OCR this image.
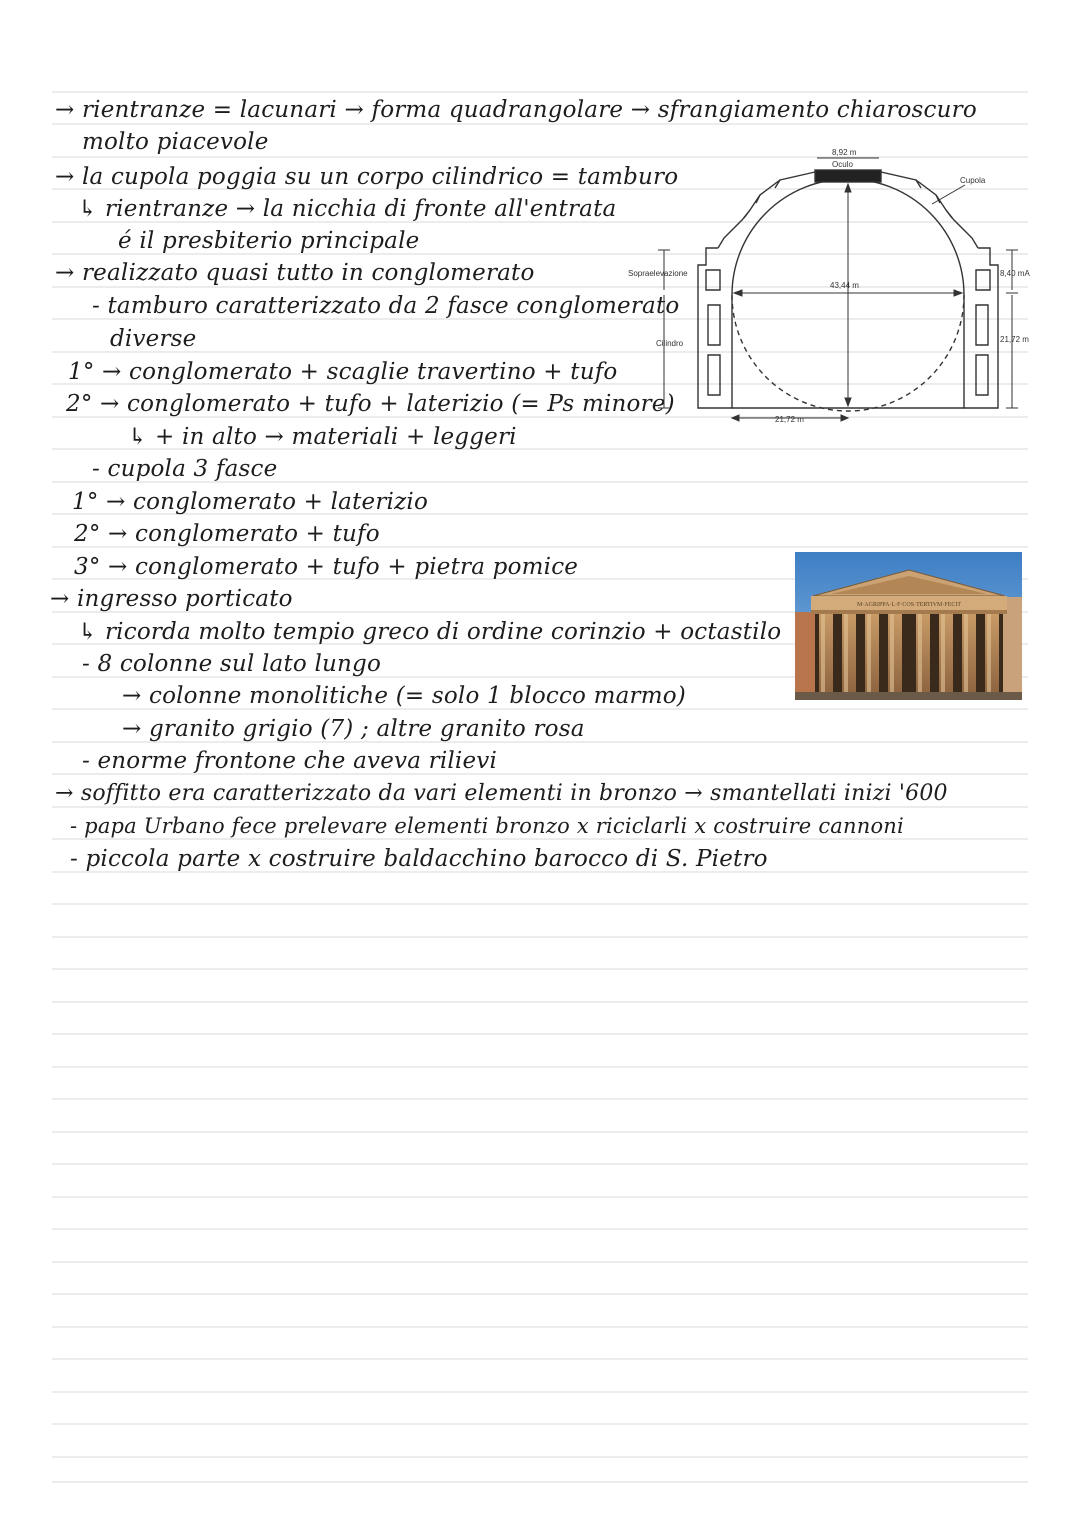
→ rientranze = lacunari → forma quadrangolare → sfrangiamento chiaroscuro
molto piacevole
→ la cupola poggia su un corpo cilindrico = tamburo
↳ rientranze → la nicchia di fronte all'entrata
é il presbiterio principale
→ realizzato quasi tutto in conglomerato
- tamburo caratterizzato da 2 fasce conglomerato
diverse
1° → conglomerato + scaglie travertino + tufo
2° → conglomerato + tufo + laterizio (= Ps minore)
↳ + in alto → materiali + leggeri
- cupola 3 fasce
1° → conglomerato + laterizio
2° → conglomerato + tufo
3° → conglomerato + tufo + pietra pomice
→ ingresso porticato
↳ ricorda molto tempio greco di ordine corinzio + octastilo
- 8 colonne sul lato lungo
→ colonne monolitiche (= solo 1 blocco marmo)
→ granito grigio (7) ; altre granito rosa
- enorme frontone che aveva rilievi
→ soffitto era caratterizzato da vari elementi in bronzo → smantellati inizi '600
- papa Urbano fece prelevare elementi bronzo x riciclarli x costruire cannoni
- piccola parte x costruire baldacchino barocco di S. Pietro
8,92 m
Oculo
Cupola
Sopraelevazione
Cilindro
43,44 m
8,40 mA
21,72 m
21,72 m
M·AGRIPPA·L·F·COS·TERTIVM·FECIT
